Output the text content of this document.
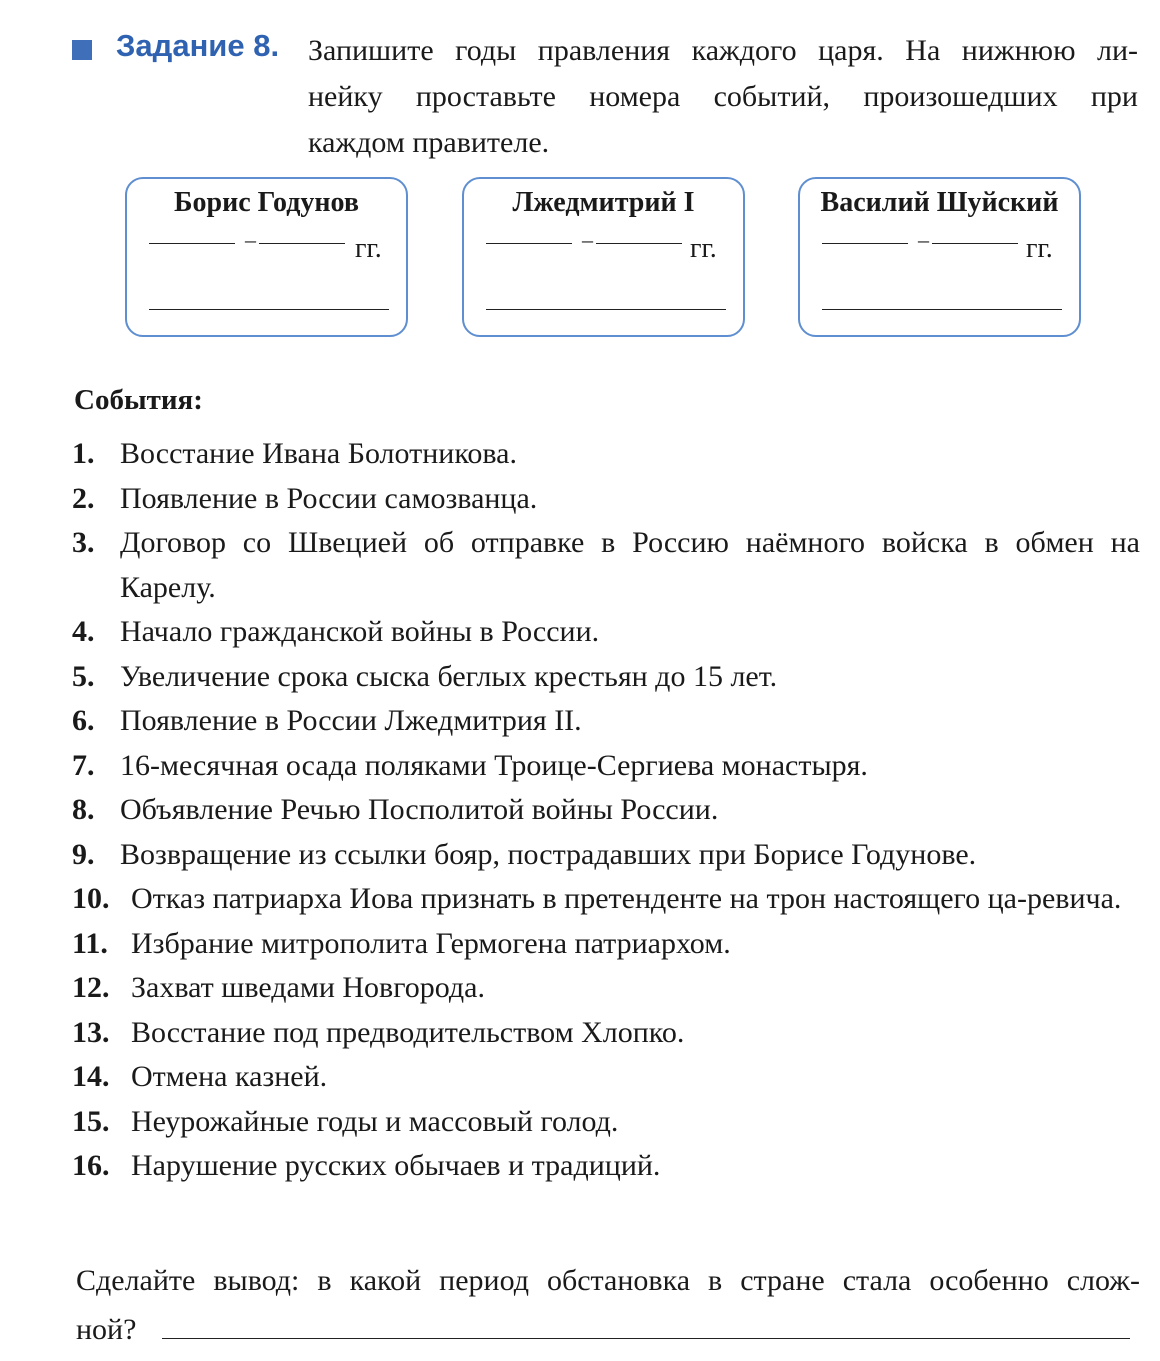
Задание 8. Запишите годы правления каждого царя. На нижнюю ли-
нейку проставьте номера событий, произошедших при
каждом правителе.
Борис Годунов
–	гг.
Лжедмитрий I
–	гг.
Василий Шуйский
–	гг.
События:
1. Восстание Ивана Болотникова.
2. Появление в России самозванца.
3. Договор со Швецией об отправке в Россию наёмного войска в обмен на Карелу.
4. Начало гражданской войны в России.
5. Увеличение срока сыска беглых крестьян до 15 лет.
6. Появление в России Лжедмитрия II.
7. 16-месячная осада поляками Троице-Сергиева монастыря.
8. Объявление Речью Посполитой войны России.
9. Возвращение из ссылки бояр, пострадавших при Борисе Годунове.
10. Отказ патриарха Иова признать в претенденте на трон настоящего ца-ревича.
11. Избрание митрополита Гермогена патриархом.
12. Захват шведами Новгорода.
13. Восстание под предводительством Хлопко.
14. Отмена казней.
15. Неурожайные годы и массовый голод.
16. Нарушение русских обычаев и традиций.
Сделайте вывод: в какой период обстановка в стране стала особенно слож-
ной?
